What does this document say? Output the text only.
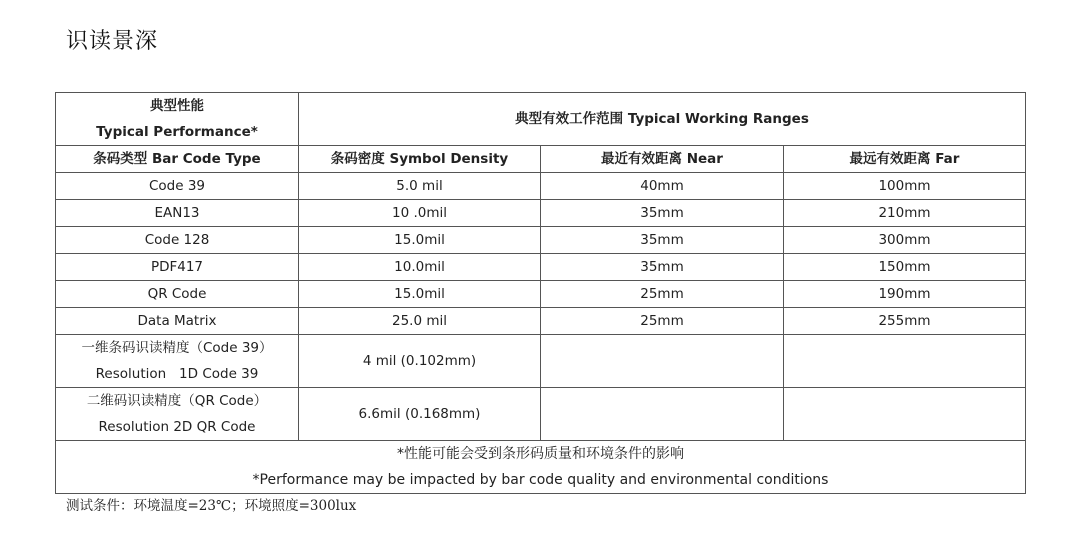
识读景深
典型性能
Typical Performance*	典型有效工作范围 Typical Working Ranges		
条码类型 Bar Code Type	条码密度 Symbol Density	最近有效距离 Near	最远有效距离 Far
Code 39	5.0 mil	40mm	100mm
EAN13	10 .0mil	35mm	210mm
Code 128	15.0mil	35mm	300mm
PDF417	10.0mil	35mm	150mm
QR Code	15.0mil	25mm	190mm
Data Matrix	25.0 mil	25mm	255mm

一维条码识读精度（Code 39）
Resolution   1D Code 39	4 mil (0.102mm)		

二维码识读精度（QR Code）
Resolution 2D QR Code	6.6mil (0.168mm)		

*性能可能会受到条形码质量和环境条件的影响
*Performance may be impacted by bar code quality and environmental conditions			
测试条件：环境温度=23℃；环境照度=300lux
